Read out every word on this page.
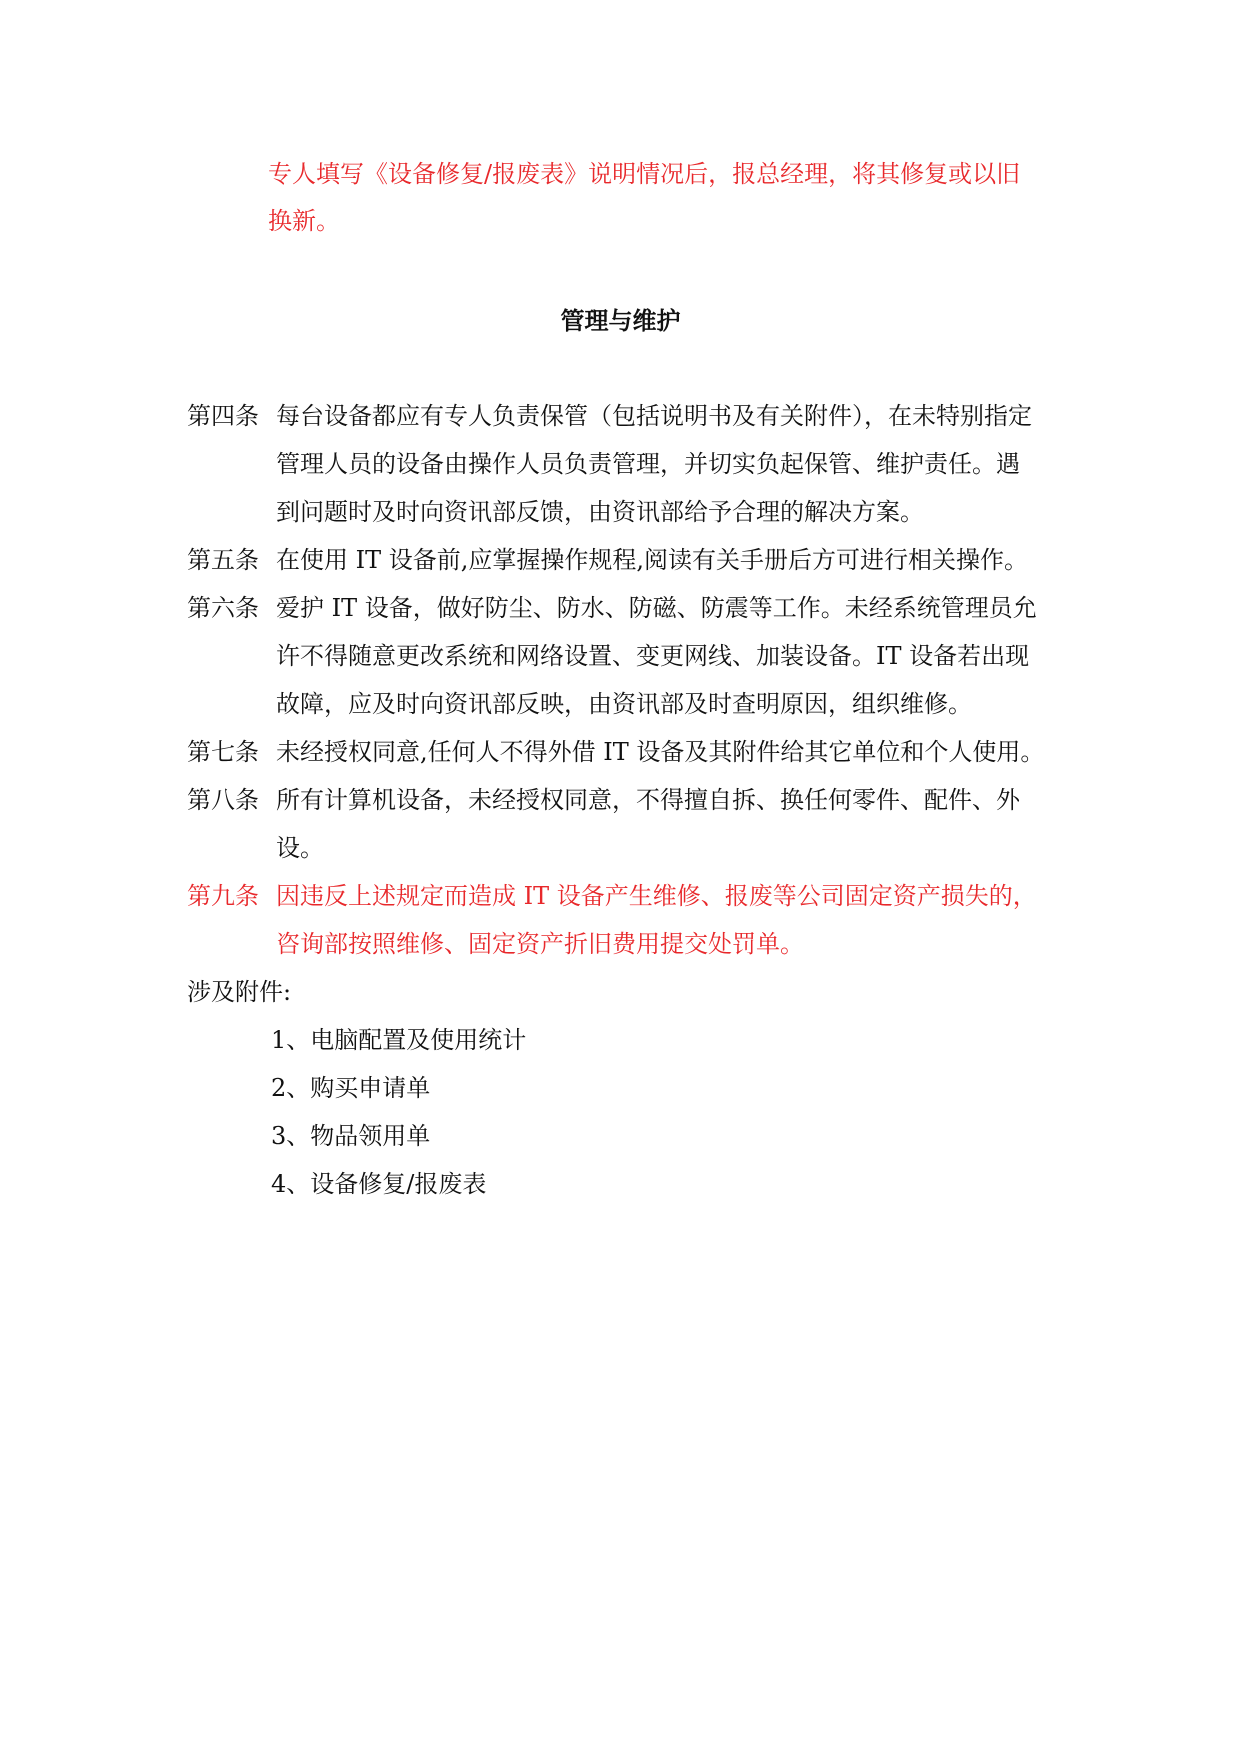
专人填写《设备修复/报废表》说明情况后，报总经理，将其修复或以旧
换新。
管理与维护
第四条 每台设备都应有专人负责保管（包括说明书及有关附件），在未特别指定
管理人员的设备由操作人员负责管理，并切实负起保管、维护责任。遇
到问题时及时向资讯部反馈，由资讯部给予合理的解决方案。
第五条 在使用 IT 设备前,应掌握操作规程,阅读有关手册后方可进行相关操作。
第六条 爱护 IT 设备，做好防尘、防水、防磁、防震等工作。未经系统管理员允
许不得随意更改系统和网络设置、变更网线、加装设备。IT 设备若出现
故障，应及时向资讯部反映，由资讯部及时查明原因，组织维修。
第七条 未经授权同意,任何人不得外借 IT 设备及其附件给其它单位和个人使用。
第八条 所有计算机设备，未经授权同意，不得擅自拆、换任何零件、配件、外
设。
第九条 因违反上述规定而造成 IT 设备产生维修、报废等公司固定资产损失的，
咨询部按照维修、固定资产折旧费用提交处罚单。
涉及附件:
1、电脑配置及使用统计
2、购买申请单
3、物品领用单
4、设备修复/报废表
